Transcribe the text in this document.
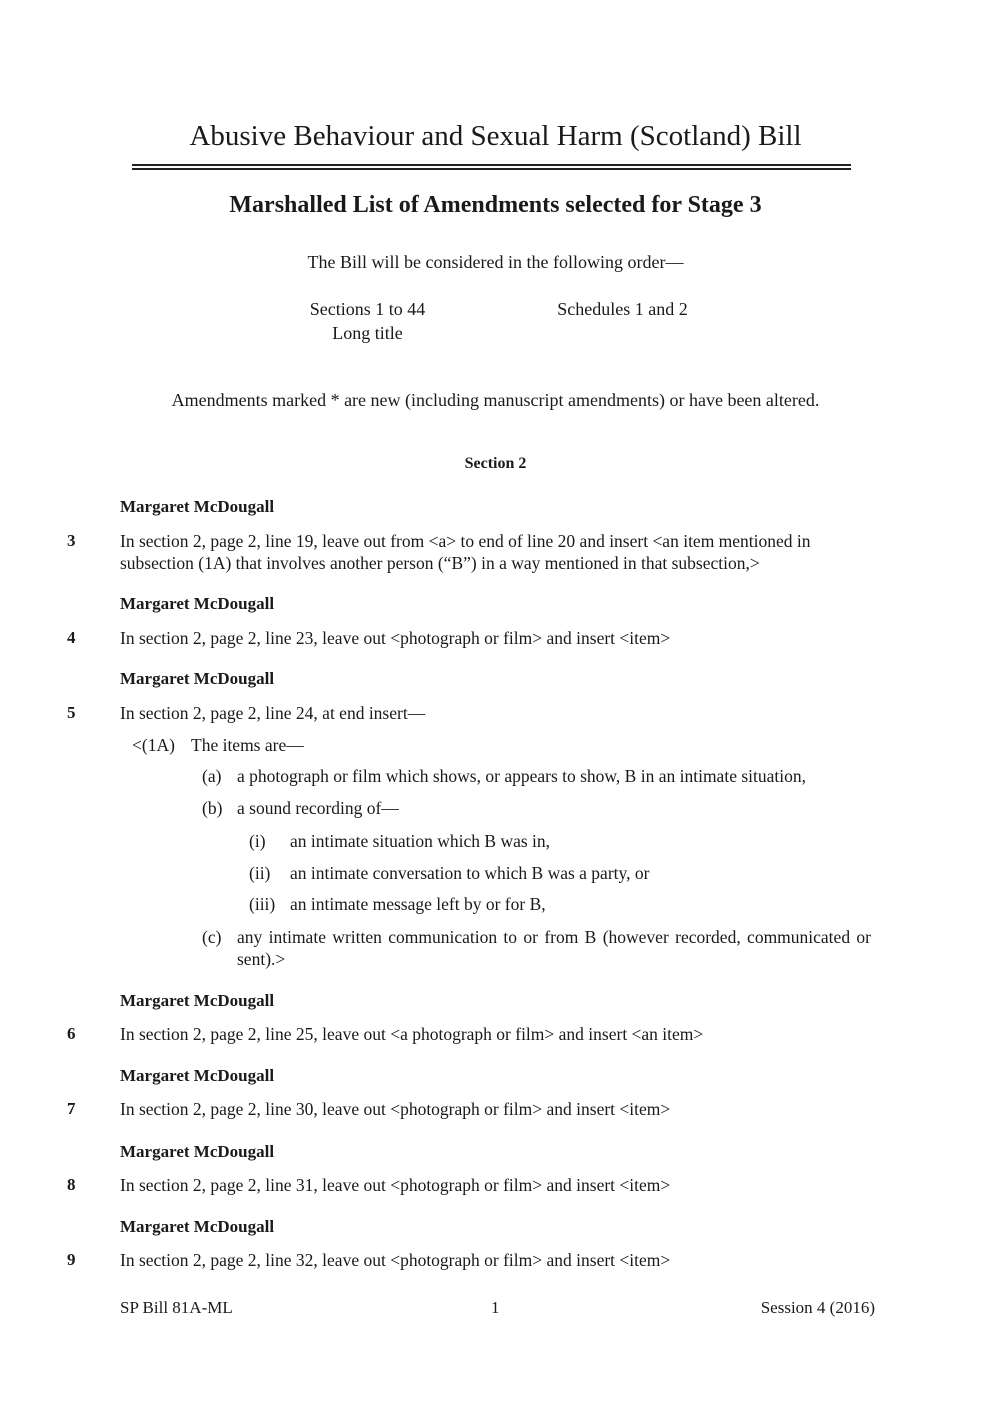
Abusive Behaviour and Sexual Harm (Scotland) Bill
Marshalled List of Amendments selected for Stage 3
The Bill will be considered in the following order—
Sections 1 to 44
Long title
Schedules 1 and 2
Amendments marked * are new (including manuscript amendments) or have been altered.
Section 2
Margaret McDougall
3	In section 2, page 2, line 19, leave out from <a> to end of line 20 and insert <an item mentioned in subsection (1A) that involves another person (“B”) in a way mentioned in that subsection,>
Margaret McDougall
4	In section 2, page 2, line 23, leave out <photograph or film> and insert <item>
Margaret McDougall
5	In section 2, page 2, line 24, at end insert—
<(1A) The items are—
(a) a photograph or film which shows, or appears to show, B in an intimate situation,
(b) a sound recording of—
(i) an intimate situation which B was in,
(ii) an intimate conversation to which B was a party, or
(iii) an intimate message left by or for B,
(c) any intimate written communication to or from B (however recorded, communicated or sent).>
Margaret McDougall
6	In section 2, page 2, line 25, leave out <a photograph or film> and insert <an item>
Margaret McDougall
7	In section 2, page 2, line 30, leave out <photograph or film> and insert <item>
Margaret McDougall
8	In section 2, page 2, line 31, leave out <photograph or film> and insert <item>
Margaret McDougall
9	In section 2, page 2, line 32, leave out <photograph or film> and insert <item>
SP Bill 81A-ML	1	Session 4 (2016)
